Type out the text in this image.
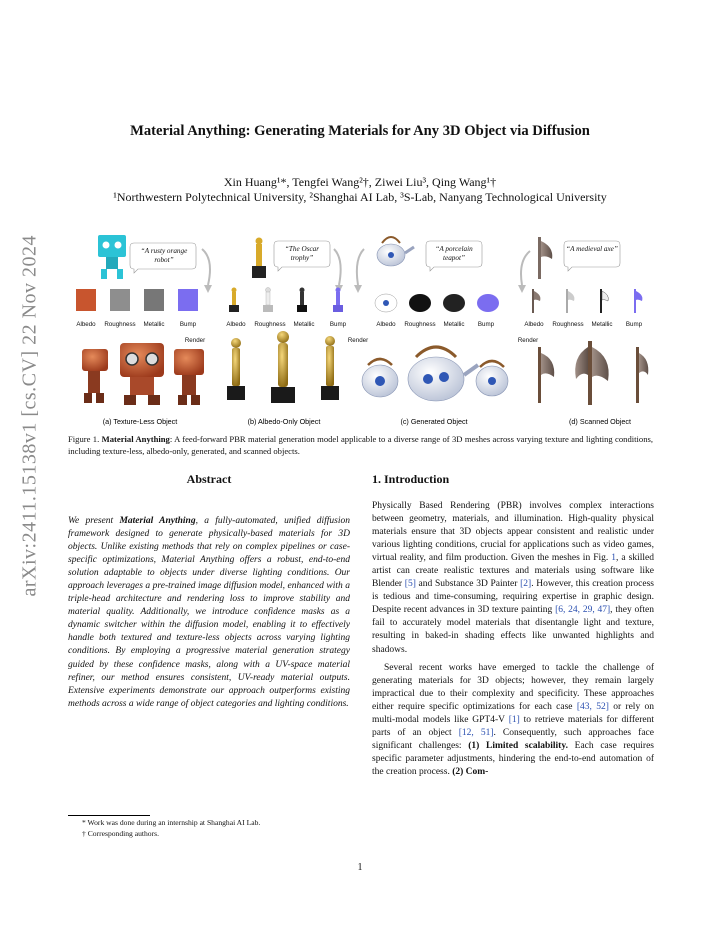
Material Anything: Generating Materials for Any 3D Object via Diffusion
Xin Huang¹*, Tengfei Wang²†, Ziwei Liu³, Qing Wang¹†
¹Northwestern Polytechnical University, ²Shanghai AI Lab, ³S-Lab, Nanyang Technological University
arXiv:2411.15138v1 [cs.CV] 22 Nov 2024	“A rusty orange robot”
Albedo Roughness Metallic Bump
Render
(a) Texture-Less Object
“The Oscar trophy”
Albedo Roughness Metallic Bump
Render
(b) Albedo-Only Object
“A porcelain teapot”
Albedo Roughness Metallic Bump
(c) Generated Object
“A medieval axe”
Albedo Roughness Metallic Bump
Render
(d) Scanned Object
Figure 1. Material Anything: A feed-forward PBR material generation model applicable to a diverse range of 3D meshes across varying texture and lighting conditions, including texture-less, albedo-only, generated, and scanned objects.
Abstract
We present Material Anything, a fully-automated, unified diffusion framework designed to generate physically-based materials for 3D objects. Unlike existing methods that rely on complex pipelines or case-specific optimizations, Material Anything offers a robust, end-to-end solution adaptable to objects under diverse lighting conditions. Our approach leverages a pre-trained image diffusion model, enhanced with a triple-head architecture and rendering loss to improve stability and material quality. Additionally, we introduce confidence masks as a dynamic switcher within the diffusion model, enabling it to effectively handle both textured and texture-less objects across varying lighting conditions. By employing a progressive material generation strategy guided by these confidence masks, along with a UV-space material refiner, our method ensures consistent, UV-ready material outputs. Extensive experiments demonstrate our approach outperforms existing methods across a wide range of object categories and lighting conditions.
1. Introduction

Physically Based Rendering (PBR) involves complex interactions between geometry, materials, and illumination. High-quality physical materials ensure that 3D objects appear consistent and realistic under various lighting conditions, crucial for applications such as video games, virtual reality, and film production. Given the meshes in Fig. 1, a skilled artist can create realistic textures and materials using software like Blender [5] and Substance 3D Painter [2]. However, this creation process is tedious and time-consuming, requiring expertise in graphic design. Despite recent advances in 3D texture painting [6, 24, 29, 47], they often fail to accurately model materials that disentangle light and texture, resulting in baked-in shading effects like unwanted highlights and shadows.

Several recent works have emerged to tackle the challenge of generating materials for 3D objects; however, they remain largely impractical due to their complexity and specificity. These approaches either require specific optimizations for each case [43, 52] or rely on multi-modal models like GPT4-V [1] to retrieve materials for different parts of an object [12, 51]. Consequently, such approaches face significant challenges: (1) Limited scalability. Each case requires specific parameter adjustments, hindering the end-to-end automation of the creation process. (2) Com-

* Work was done during an internship at Shanghai AI Lab.
† Corresponding authors.
1
